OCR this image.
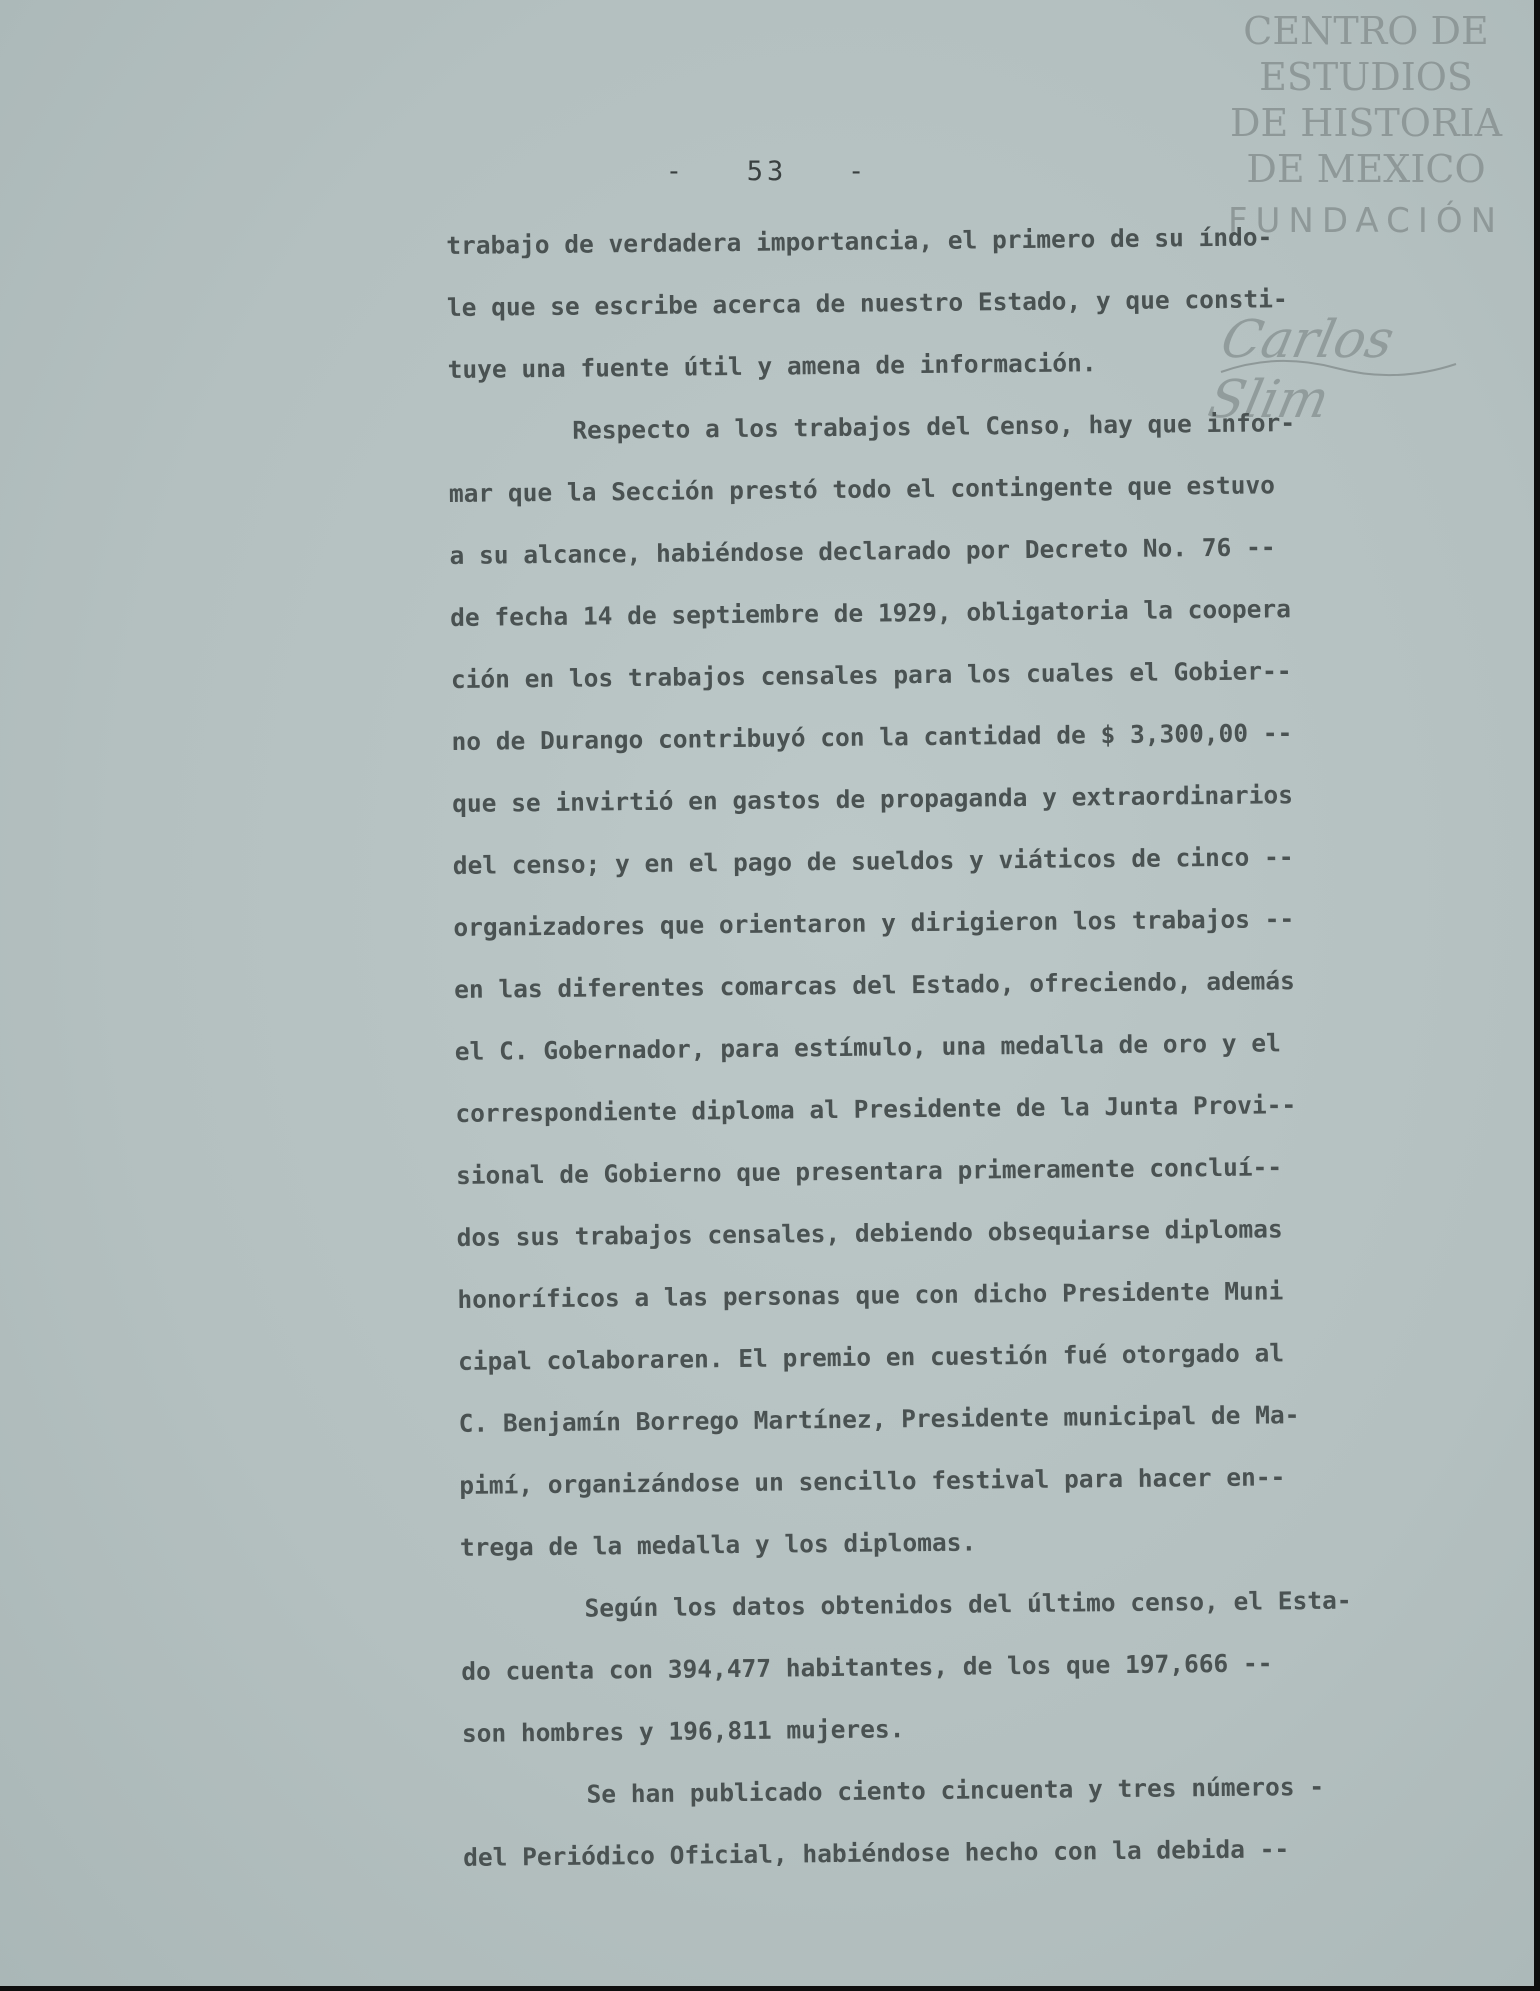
CENTRO DE
ESTUDIOS
DE HISTORIA
DE MEXICO
FUNDACIÓN
Carlos Slim
-   53   -
trabajo de verdadera importancia, el primero de su índo-
le que se escribe acerca de nuestro Estado, y que consti-
tuye una fuente útil y amena de información.
Respecto a los trabajos del Censo, hay que infor-
mar que la Sección prestó todo el contingente que estuvo
a su alcance, habiéndose declarado por Decreto No. 76 --
de fecha 14 de septiembre de 1929, obligatoria la coopera
ción en los trabajos censales para los cuales el Gobier--
no de Durango contribuyó con la cantidad de $ 3,300,00 --
que se invirtió en gastos de propaganda y extraordinarios
del censo; y en el pago de sueldos y viáticos de cinco --
organizadores que orientaron y dirigieron los trabajos --
en las diferentes comarcas del Estado, ofreciendo, además
el C. Gobernador, para estímulo, una medalla de oro y el
correspondiente diploma al Presidente de la Junta Provi--
sional de Gobierno que presentara primeramente concluí--
dos sus trabajos censales, debiendo obsequiarse diplomas
honoríficos a las personas que con dicho Presidente Muni
cipal colaboraren. El premio en cuestión fué otorgado al
C. Benjamín Borrego Martínez, Presidente municipal de Ma-
pimí, organizándose un sencillo festival para hacer en--
trega de la medalla y los diplomas.
Según los datos obtenidos del último censo, el Esta-
do cuenta con 394,477 habitantes, de los que 197,666 --
son hombres y 196,811 mujeres.
Se han publicado ciento cincuenta y tres números -
del Periódico Oficial, habiéndose hecho con la debida --
